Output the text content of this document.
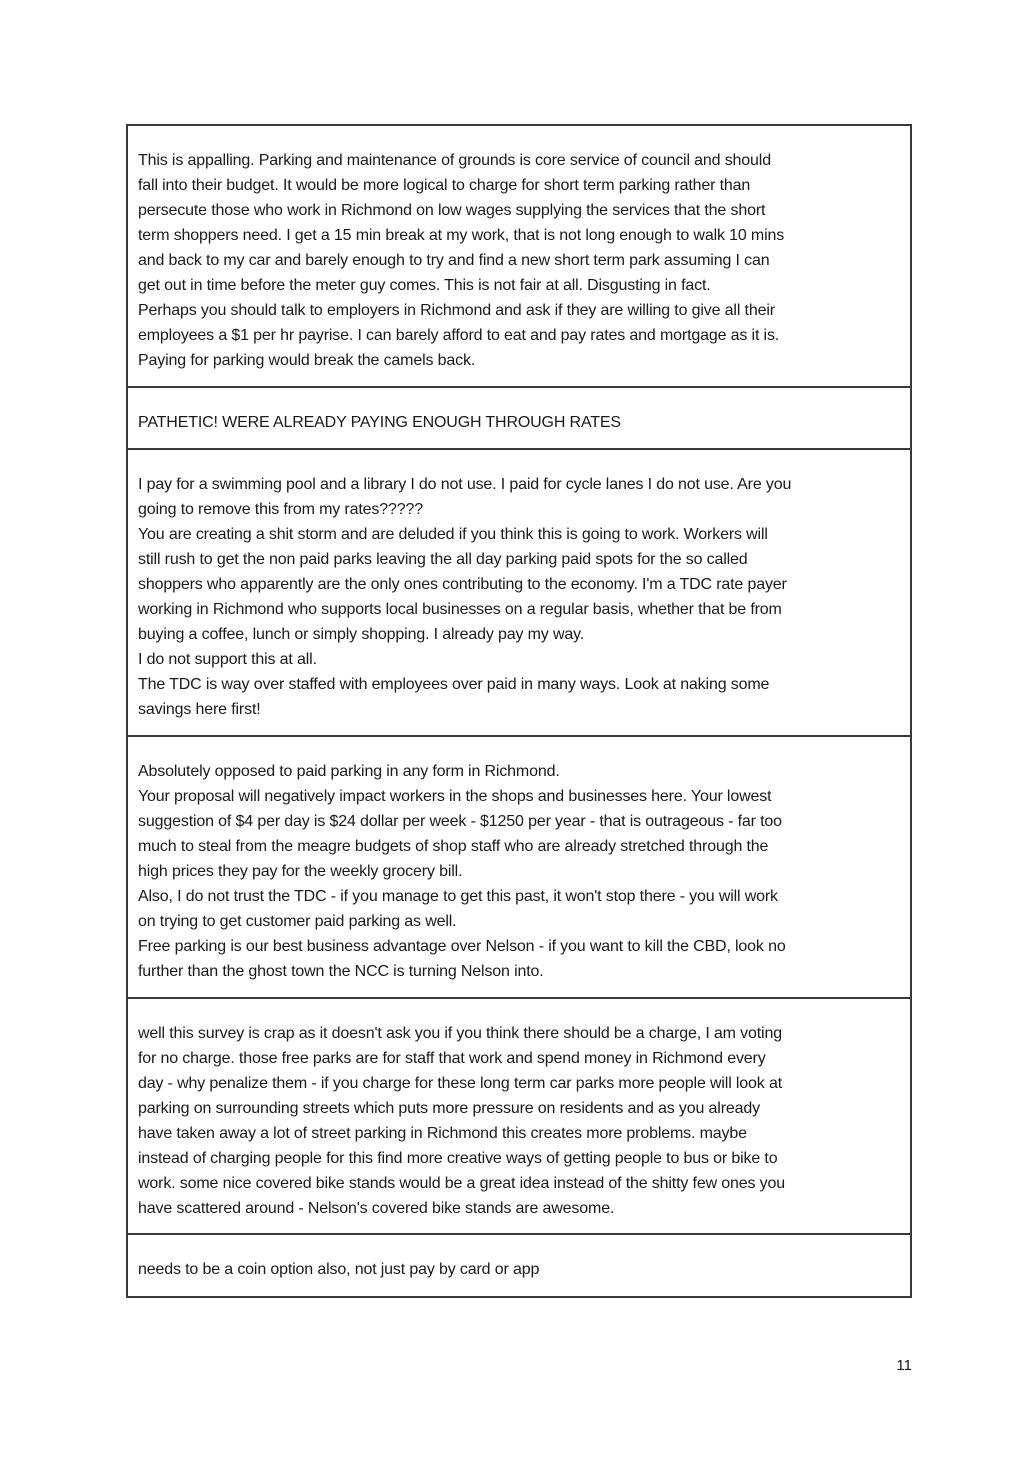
This is appalling. Parking and maintenance of grounds is core service of council and should
fall into their budget. It would be more logical to charge for short term parking rather than
persecute those who work in Richmond on low wages supplying the services that the short
term shoppers need. I get a 15 min break at my work, that is not long enough to walk 10 mins
and back to my car and barely enough to try and find a new short term park assuming I can
get out in time before the meter guy comes. This is not fair at all. Disgusting in fact.
Perhaps you should talk to employers in Richmond and ask if they are willing to give all their
employees a $1 per hr payrise. I can barely afford to eat and pay rates and mortgage as it is.
Paying for parking would break the camels back.
PATHETIC! WERE ALREADY PAYING ENOUGH THROUGH RATES
I pay for a swimming pool and a library I do not use. I paid for cycle lanes I do not use. Are you
going to remove this from my rates?????
You are creating a shit storm and are deluded if you think this is going to work. Workers will
still rush to get the non paid parks leaving the all day parking paid spots for the so called
shoppers who apparently are the only ones contributing to the economy. I'm a TDC rate payer
working in Richmond who supports local businesses on a regular basis, whether that be from
buying a coffee, lunch or simply shopping. I already pay my way.
I do not support this at all.
The TDC is way over staffed with employees over paid in many ways. Look at naking some
savings here first!
Absolutely opposed to paid parking in any form in Richmond.
Your proposal will negatively impact workers in the shops and businesses here. Your lowest
suggestion of $4 per day is $24 dollar per week - $1250 per year - that is outrageous - far too
much to steal from the meagre budgets of shop staff who are already stretched through the
high prices they pay for the weekly grocery bill.
Also, I do not trust the TDC - if you manage to get this past, it won't stop there - you will work
on trying to get customer paid parking as well.
Free parking is our best business advantage over Nelson - if you want to kill the CBD, look no
further than the ghost town the NCC is turning Nelson into.
well this survey is crap as it doesn't ask you if you think there should be a charge, I am voting
for no charge. those free parks are for staff that work and spend money in Richmond every
day - why penalize them - if you charge for these long term car parks more people will look at
parking on surrounding streets which puts more pressure on residents and as you already
have taken away a lot of street parking in Richmond this creates more problems. maybe
instead of charging people for this find more creative ways of getting people to bus or bike to
work. some nice covered bike stands would be a great idea instead of the shitty few ones you
have scattered around - Nelson's covered bike stands are awesome.
needs to be a coin option also, not just pay by card or app
11
